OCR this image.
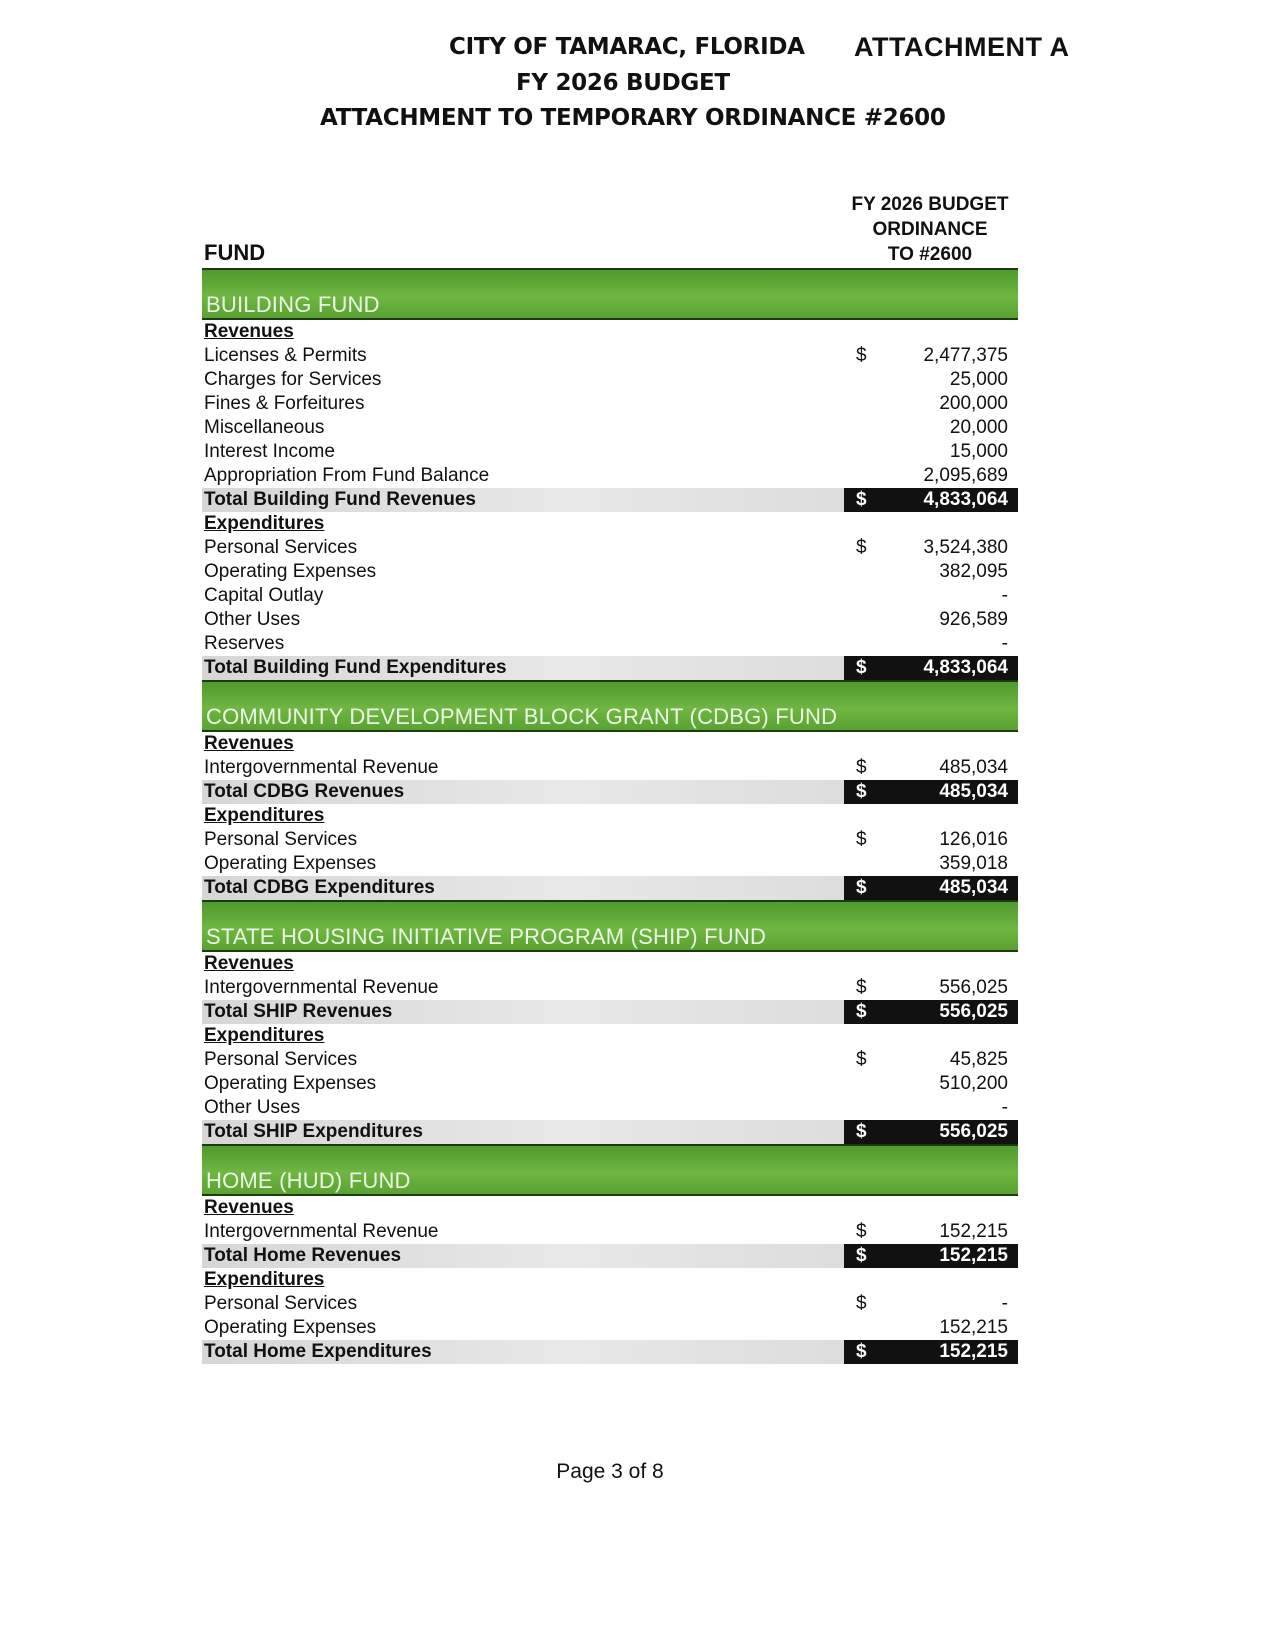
CITY OF TAMARAC, FLORIDA ATTACHMENT A
FY 2026 BUDGET
ATTACHMENT TO TEMPORARY ORDINANCE #2600
FY 2026 BUDGET
ORDINANCE
TO #2600
FUND
BUILDING FUND
Revenues
Licenses & Permits	$	2,477,375
Charges for Services	25,000
Fines & Forfeitures	200,000
Miscellaneous	20,000
Interest Income	15,000
Appropriation From Fund Balance	2,095,689
Total Building Fund Revenues	$	4,833,064
Expenditures
Personal Services	$	3,524,380
Operating Expenses	382,095
Capital Outlay	-
Other Uses	926,589
Reserves	-
Total Building Fund Expenditures	$	4,833,064
COMMUNITY DEVELOPMENT BLOCK GRANT (CDBG) FUND
Revenues
Intergovernmental Revenue	$	485,034
Total CDBG Revenues	$	485,034
Expenditures
Personal Services	$	126,016
Operating Expenses	359,018
Total CDBG Expenditures	$	485,034
STATE HOUSING INITIATIVE PROGRAM (SHIP) FUND
Revenues
Intergovernmental Revenue	$	556,025
Total SHIP Revenues	$	556,025
Expenditures
Personal Services	$	45,825
Operating Expenses	510,200
Other Uses	-
Total SHIP Expenditures	$	556,025
HOME (HUD) FUND
Revenues
Intergovernmental Revenue	$	152,215
Total Home Revenues	$	152,215
Expenditures
Personal Services	$	-
Operating Expenses	152,215
Total Home Expenditures	$	152,215
Page 3 of 8
